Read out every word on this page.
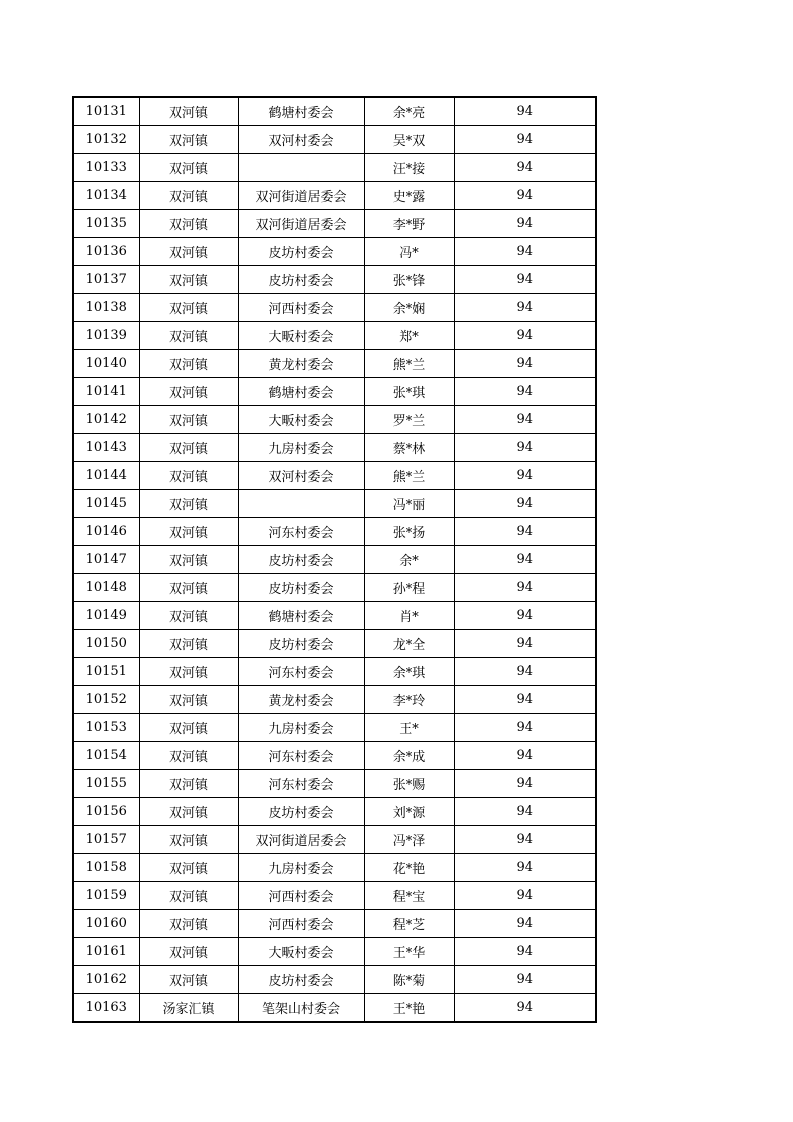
10131	双河镇	鹤塘村委会	余*亮	94
10132	双河镇	双河村委会	吴*双	94
10133	双河镇		汪*接	94
10134	双河镇	双河街道居委会	史*露	94
10135	双河镇	双河街道居委会	李*野	94
10136	双河镇	皮坊村委会	冯*	94
10137	双河镇	皮坊村委会	张*锋	94
10138	双河镇	河西村委会	余*娴	94
10139	双河镇	大畈村委会	郑*	94
10140	双河镇	黄龙村委会	熊*兰	94
10141	双河镇	鹤塘村委会	张*琪	94
10142	双河镇	大畈村委会	罗*兰	94
10143	双河镇	九房村委会	蔡*林	94
10144	双河镇	双河村委会	熊*兰	94
10145	双河镇		冯*丽	94
10146	双河镇	河东村委会	张*扬	94
10147	双河镇	皮坊村委会	余*	94
10148	双河镇	皮坊村委会	孙*程	94
10149	双河镇	鹤塘村委会	肖*	94
10150	双河镇	皮坊村委会	龙*全	94
10151	双河镇	河东村委会	余*琪	94
10152	双河镇	黄龙村委会	李*玲	94
10153	双河镇	九房村委会	王*	94
10154	双河镇	河东村委会	余*成	94
10155	双河镇	河东村委会	张*赐	94
10156	双河镇	皮坊村委会	刘*源	94
10157	双河镇	双河街道居委会	冯*泽	94
10158	双河镇	九房村委会	花*艳	94
10159	双河镇	河西村委会	程*宝	94
10160	双河镇	河西村委会	程*芝	94
10161	双河镇	大畈村委会	王*华	94
10162	双河镇	皮坊村委会	陈*菊	94
10163	汤家汇镇	笔架山村委会	王*艳	94
